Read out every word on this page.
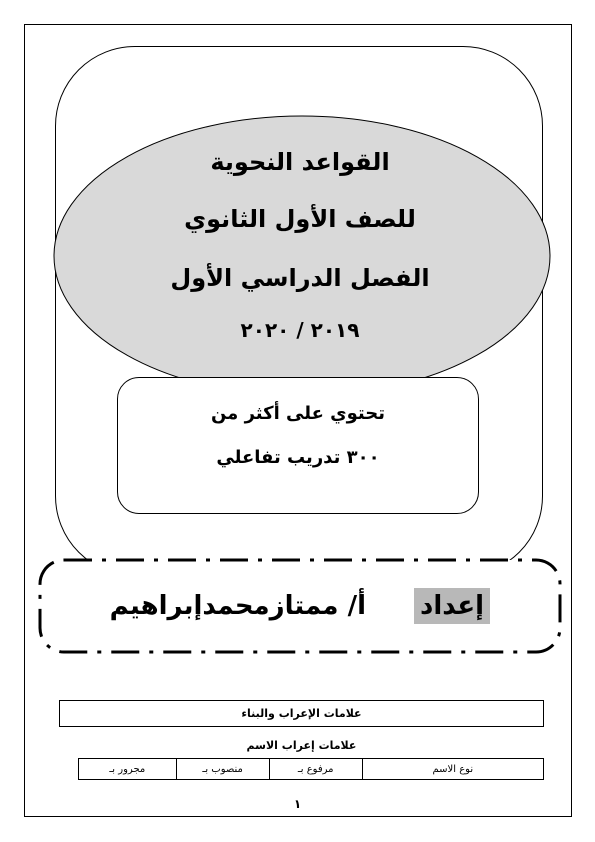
القواعد النحوية
للصف الأول الثانوي
الفصل الدراسي الأول
٢٠١٩ / ٢٠٢٠
تحتوي على أكثر من
٣٠٠ تدريب تفاعلي
إعداد
أ/ ممتازمحمدإبراهيم
علامات الإعراب والبناء
علامات إعراب الاسم
نوع الاسم	مرفوع بـ	منصوب بـ	مجرور بـ
١
